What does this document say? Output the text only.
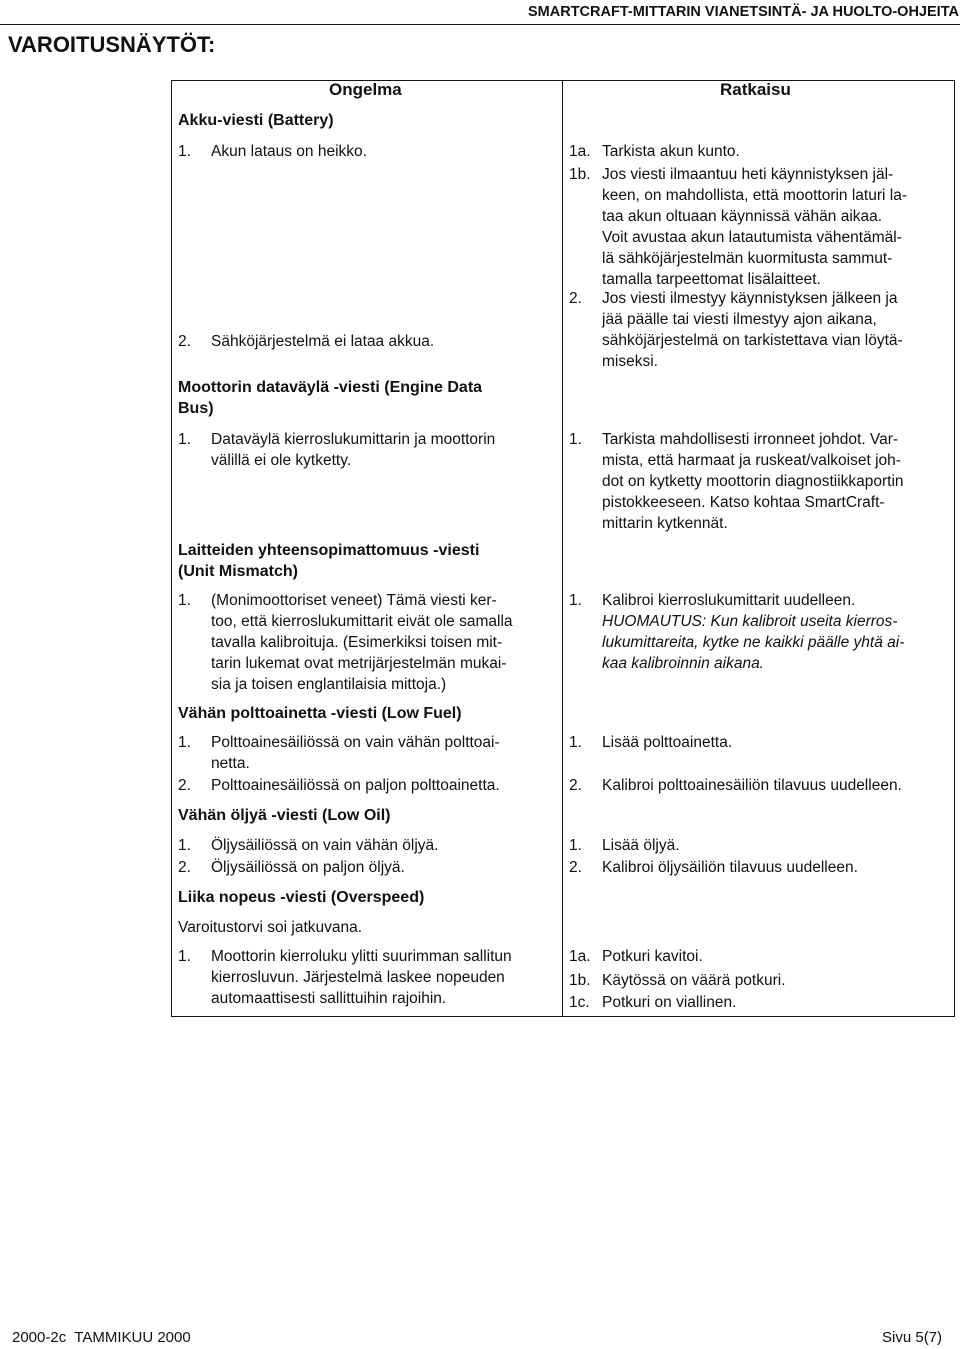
SMARTCRAFT-MITTARIN VIANETSINTÄ- JA HUOLTO-OHJEITA
VAROITUSNÄYTÖT:
Ongelma	Ratkaisu
Akku-viesti (Battery)
1. Akun lataus on heikko.
2. Sähköjärjestelmä ei lataa akkua.
1a. Tarkista akun kunto.
1b. Jos viesti ilmaantuu heti käynnistyksen jäl-
keen, on mahdollista, että moottorin laturi la-
taa akun oltuaan käynnissä vähän aikaa.
Voit avustaa akun latautumista vähentämäl-
lä sähköjärjestelmän kuormitusta sammut-
tamalla tarpeettomat lisälaitteet.
2. Jos viesti ilmestyy käynnistyksen jälkeen ja
jää päälle tai viesti ilmestyy ajon aikana,
sähköjärjestelmä on tarkistettava vian löytä-
miseksi.
Moottorin dataväylä -viesti (Engine Data
Bus)
1. Dataväylä kierroslukumittarin ja moottorin
välillä ei ole kytketty.
1. Tarkista mahdollisesti irronneet johdot. Var-
mista, että harmaat ja ruskeat/valkoiset joh-
dot on kytketty moottorin diagnostiikkaportin
pistokkeeseen. Katso kohtaa SmartCraft-
mittarin kytkennät.
Laitteiden yhteensopimattomuus -viesti
(Unit Mismatch)
1. (Monimoottoriset veneet) Tämä viesti ker-
too, että kierroslukumittarit eivät ole samalla
tavalla kalibroituja. (Esimerkiksi toisen mit-
tarin lukemat ovat metrijärjestelmän mukai-
sia ja toisen englantilaisia mittoja.)
1. Kalibroi kierroslukumittarit uudelleen.
HUOMAUTUS: Kun kalibroit useita kierros-
lukumittareita, kytke ne kaikki päälle yhtä ai-
kaa kalibroinnin aikana.
Vähän polttoainetta -viesti (Low Fuel)
1. Polttoainesäiliössä on vain vähän polttoai-
netta.
2. Polttoainesäiliössä on paljon polttoainetta.
1. Lisää polttoainetta.
2. Kalibroi polttoainesäiliön tilavuus uudelleen.
Vähän öljyä -viesti (Low Oil)
1. Öljysäiliössä on vain vähän öljyä.
2. Öljysäiliössä on paljon öljyä.
1. Lisää öljyä.
2. Kalibroi öljysäiliön tilavuus uudelleen.
Liika nopeus -viesti (Overspeed)
Varoitustorvi soi jatkuvana.
1. Moottorin kierroluku ylitti suurimman sallitun
kierrosluvun. Järjestelmä laskee nopeuden
automaattisesti sallittuihin rajoihin.
1a. Potkuri kavitoi.
1b. Käytössä on väärä potkuri.
1c. Potkuri on viallinen.
2000-2c  TAMMIKUU 2000	Sivu 5(7)
